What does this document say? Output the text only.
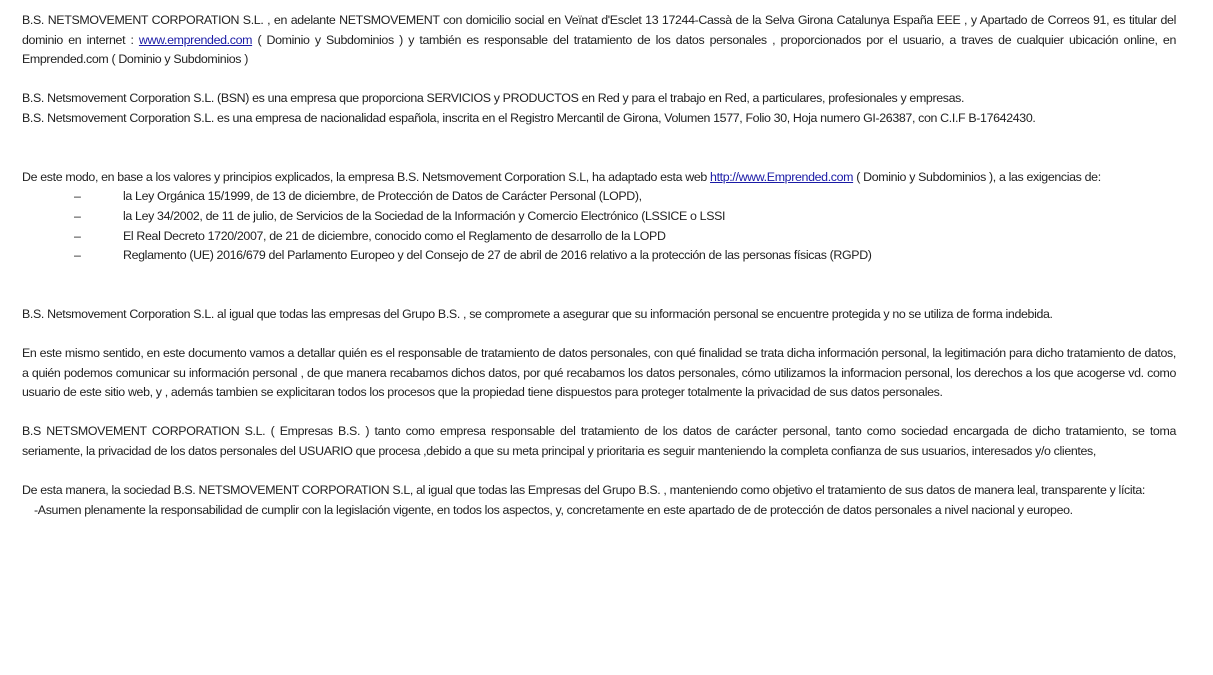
B.S. NETSMOVEMENT CORPORATION S.L. , en adelante NETSMOVEMENT con domicilio social en Veïnat d'Esclet 13 17244-Cassà de la Selva Girona Catalunya España EEE , y Apartado de Correos 91, es titular del dominio en internet : www.emprended.com ( Dominio y Subdominios ) y también es responsable del tratamiento de los datos personales , proporcionados por el usuario, a traves de cualquier ubicación online, en Emprended.com ( Dominio y Subdominios )

B.S. Netsmovement Corporation S.L. (BSN) es una empresa que proporciona SERVICIOS y PRODUCTOS en Red y para el trabajo en Red, a particulares, profesionales y empresas.

B.S. Netsmovement Corporation S.L. es una empresa de nacionalidad española, inscrita en el Registro Mercantil de Girona, Volumen 1577, Folio 30, Hoja numero GI-26387, con C.I.F B-17642430.

De este modo, en base a los valores y principios explicados, la empresa B.S. Netsmovement Corporation S.L, ha adaptado esta web http://www.Emprended.com ( Dominio y Subdominios ), a las exigencias de:

–	la Ley Orgánica 15/1999, de 13 de diciembre, de Protección de Datos de Carácter Personal (LOPD),
–	la Ley 34/2002, de 11 de julio, de Servicios de la Sociedad de la Información y Comercio Electrónico (LSSICE o LSSI
–	El Real Decreto 1720/2007, de 21 de diciembre, conocido como el Reglamento de desarrollo de la LOPD
–	Reglamento (UE) 2016/679 del Parlamento Europeo y del Consejo de 27 de abril de 2016 relativo a la protección de las personas físicas (RGPD)

B.S. Netsmovement Corporation S.L. al igual que todas las empresas del Grupo B.S. , se compromete a asegurar que su información personal se encuentre protegida y no se utiliza de forma indebida.

En este mismo sentido, en este documento vamos a detallar quién es el responsable de tratamiento de datos personales, con qué finalidad se trata dicha información personal, la legitimación para dicho tratamiento de datos, a quién podemos comunicar su información personal , de que manera recabamos dichos datos, por qué recabamos los datos personales, cómo utilizamos la informacion personal, los derechos a los que acogerse vd. como usuario de este sitio web, y , además tambien se explicitaran todos los procesos que la propiedad tiene dispuestos para proteger totalmente la privacidad de sus datos personales.

B.S NETSMOVEMENT CORPORATION S.L. ( Empresas B.S. ) tanto como empresa responsable del tratamiento de los datos de carácter personal, tanto como sociedad encargada de dicho tratamiento, se toma seriamente, la privacidad de los datos personales del USUARIO que procesa ,debido a que su meta principal y prioritaria es seguir manteniendo la completa confianza de sus usuarios, interesados y/o clientes,

De esta manera, la sociedad B.S. NETSMOVEMENT CORPORATION S.L, al igual que todas las Empresas del Grupo B.S. , manteniendo como objetivo el tratamiento de sus datos de manera leal, transparente y lícita:

-Asumen plenamente la responsabilidad de cumplir con la legislación vigente, en todos los aspectos, y, concretamente en este apartado de de protección de datos personales a nivel nacional y europeo.
